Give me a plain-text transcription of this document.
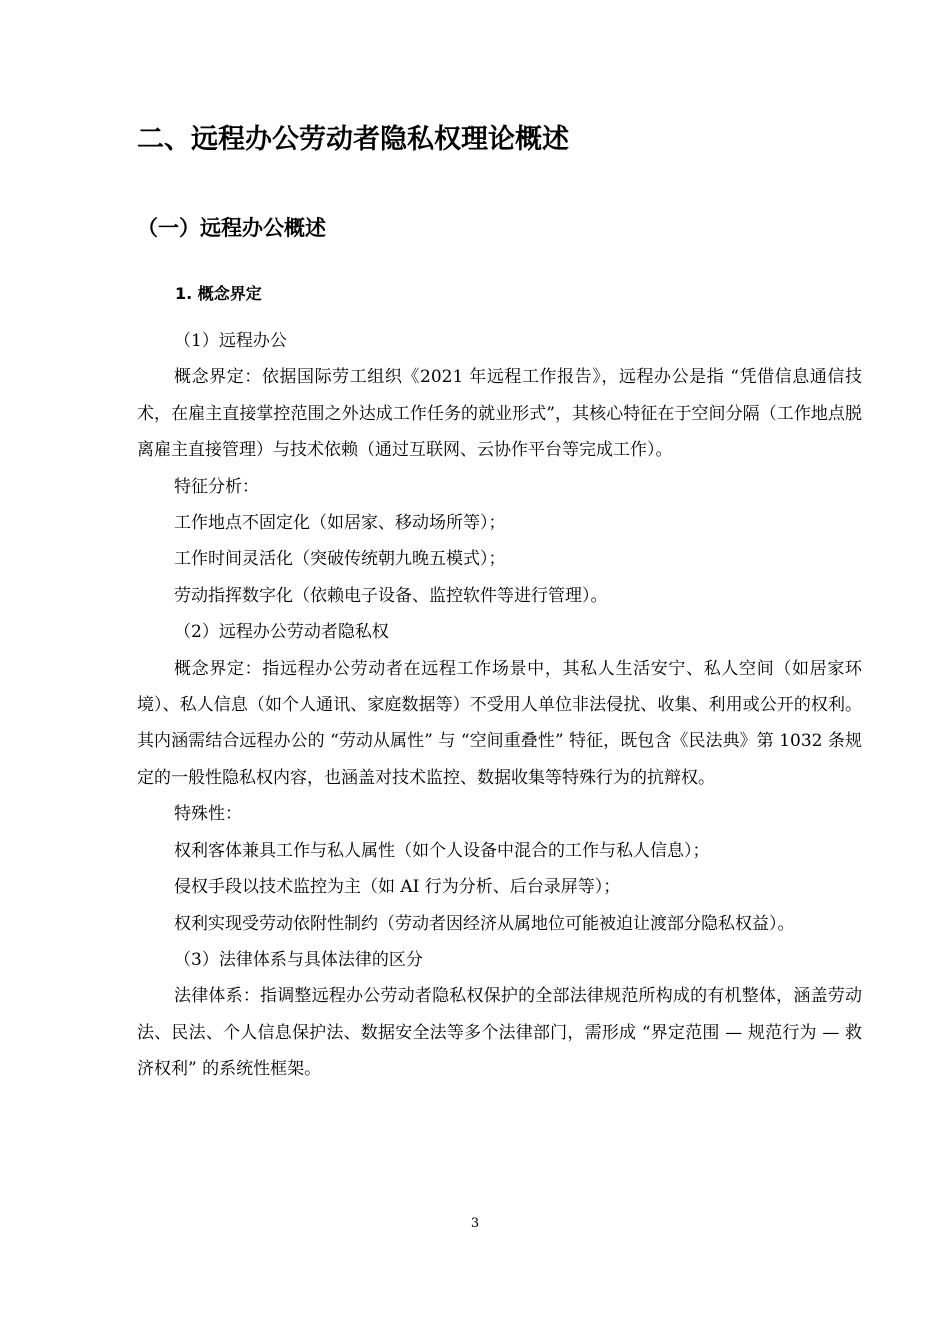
二、远程办公劳动者隐私权理论概述
（一）远程办公概述
1. 概念界定

（1）远程办公

概念界定：依据国际劳工组织《2021 年远程工作报告》，远程办公是指 “凭借信息通信技术，在雇主直接掌控范围之外达成工作任务的就业形式”，其核心特征在于空间分隔（工作地点脱离雇主直接管理）与技术依赖（通过互联网、云协作平台等完成工作）。

特征分析：

工作地点不固定化（如居家、移动场所等）；

工作时间灵活化（突破传统朝九晚五模式）；

劳动指挥数字化（依赖电子设备、监控软件等进行管理）。

（2）远程办公劳动者隐私权

概念界定：指远程办公劳动者在远程工作场景中，其私人生活安宁、私人空间（如居家环境）、私人信息（如个人通讯、家庭数据等）不受用人单位非法侵扰、收集、利用或公开的权利。其内涵需结合远程办公的 “劳动从属性” 与 “空间重叠性” 特征，既包含《民法典》第 1032 条规定的一般性隐私权内容，也涵盖对技术监控、数据收集等特殊行为的抗辩权。

特殊性：

权利客体兼具工作与私人属性（如个人设备中混合的工作与私人信息）；

侵权手段以技术监控为主（如 AI 行为分析、后台录屏等）；

权利实现受劳动依附性制约（劳动者因经济从属地位可能被迫让渡部分隐私权益）。

（3）法律体系与具体法律的区分

法律体系：指调整远程办公劳动者隐私权保护的全部法律规范所构成的有机整体，涵盖劳动法、民法、个人信息保护法、数据安全法等多个法律部门，需形成 “界定范围 — 规范行为 — 救济权利” 的系统性框架。

3
